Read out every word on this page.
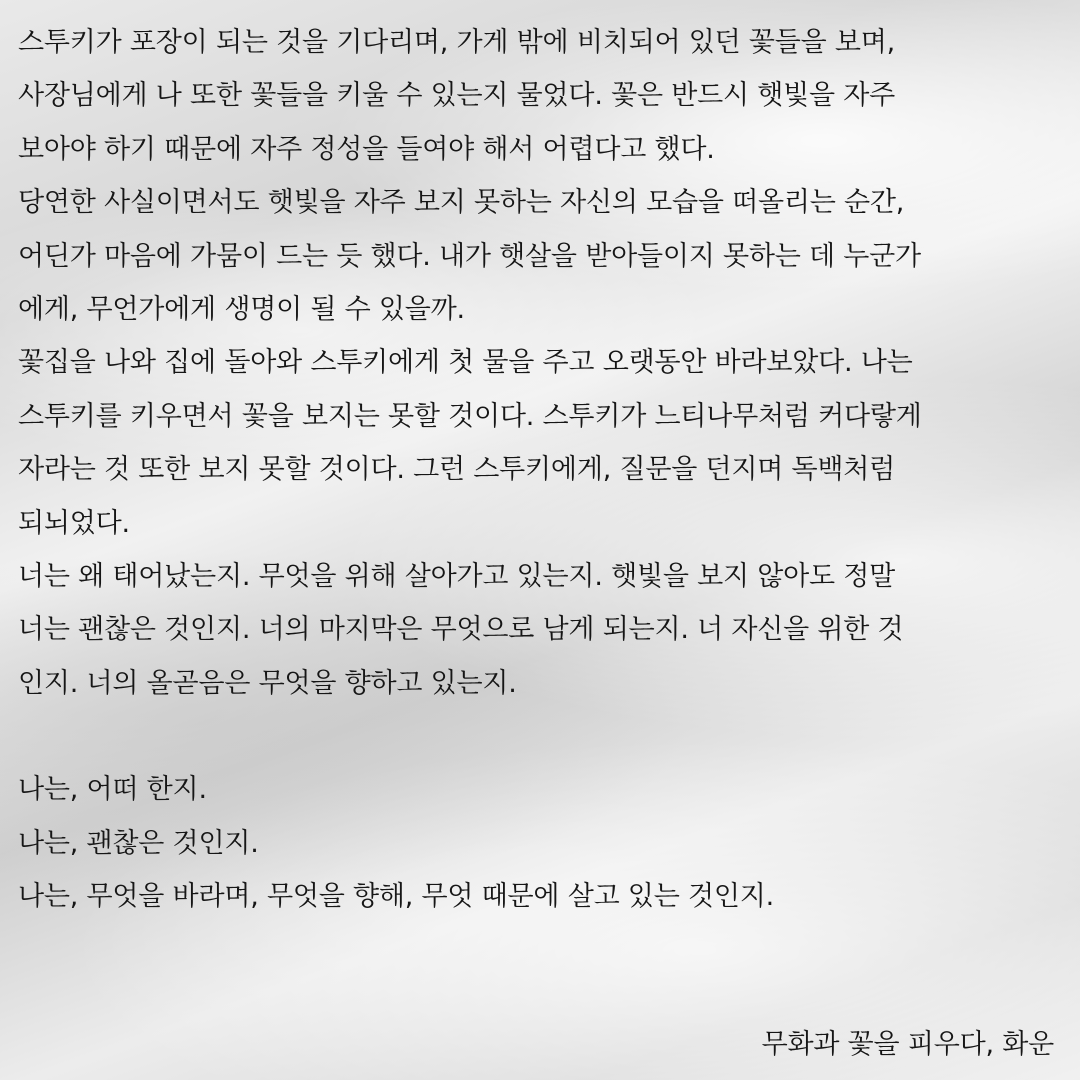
스투키가 포장이 되는 것을 기다리며, 가게 밖에 비치되어 있던 꽃들을 보며,
사장님에게 나 또한 꽃들을 키울 수 있는지 물었다. 꽃은 반드시 햇빛을 자주
보아야 하기 때문에 자주 정성을 들여야 해서 어렵다고 했다.
당연한 사실이면서도 햇빛을 자주 보지 못하는 자신의 모습을 떠올리는 순간,
어딘가 마음에 가뭄이 드는 듯 했다. 내가 햇살을 받아들이지 못하는 데 누군가
에게, 무언가에게 생명이 될 수 있을까.
꽃집을 나와 집에 돌아와 스투키에게 첫 물을 주고 오랫동안 바라보았다. 나는
스투키를 키우면서 꽃을 보지는 못할 것이다. 스투키가 느티나무처럼 커다랗게
자라는 것 또한 보지 못할 것이다. 그런 스투키에게, 질문을 던지며 독백처럼
되뇌었다.
너는 왜 태어났는지. 무엇을 위해 살아가고 있는지. 햇빛을 보지 않아도 정말
너는 괜찮은 것인지. 너의 마지막은 무엇으로 남게 되는지. 너 자신을 위한 것
인지. 너의 올곧음은 무엇을 향하고 있는지.
나는, 어떠 한지.
나는, 괜찮은 것인지.
나는, 무엇을 바라며, 무엇을 향해, 무엇 때문에 살고 있는 것인지.
무화과 꽃을 피우다, 화운
